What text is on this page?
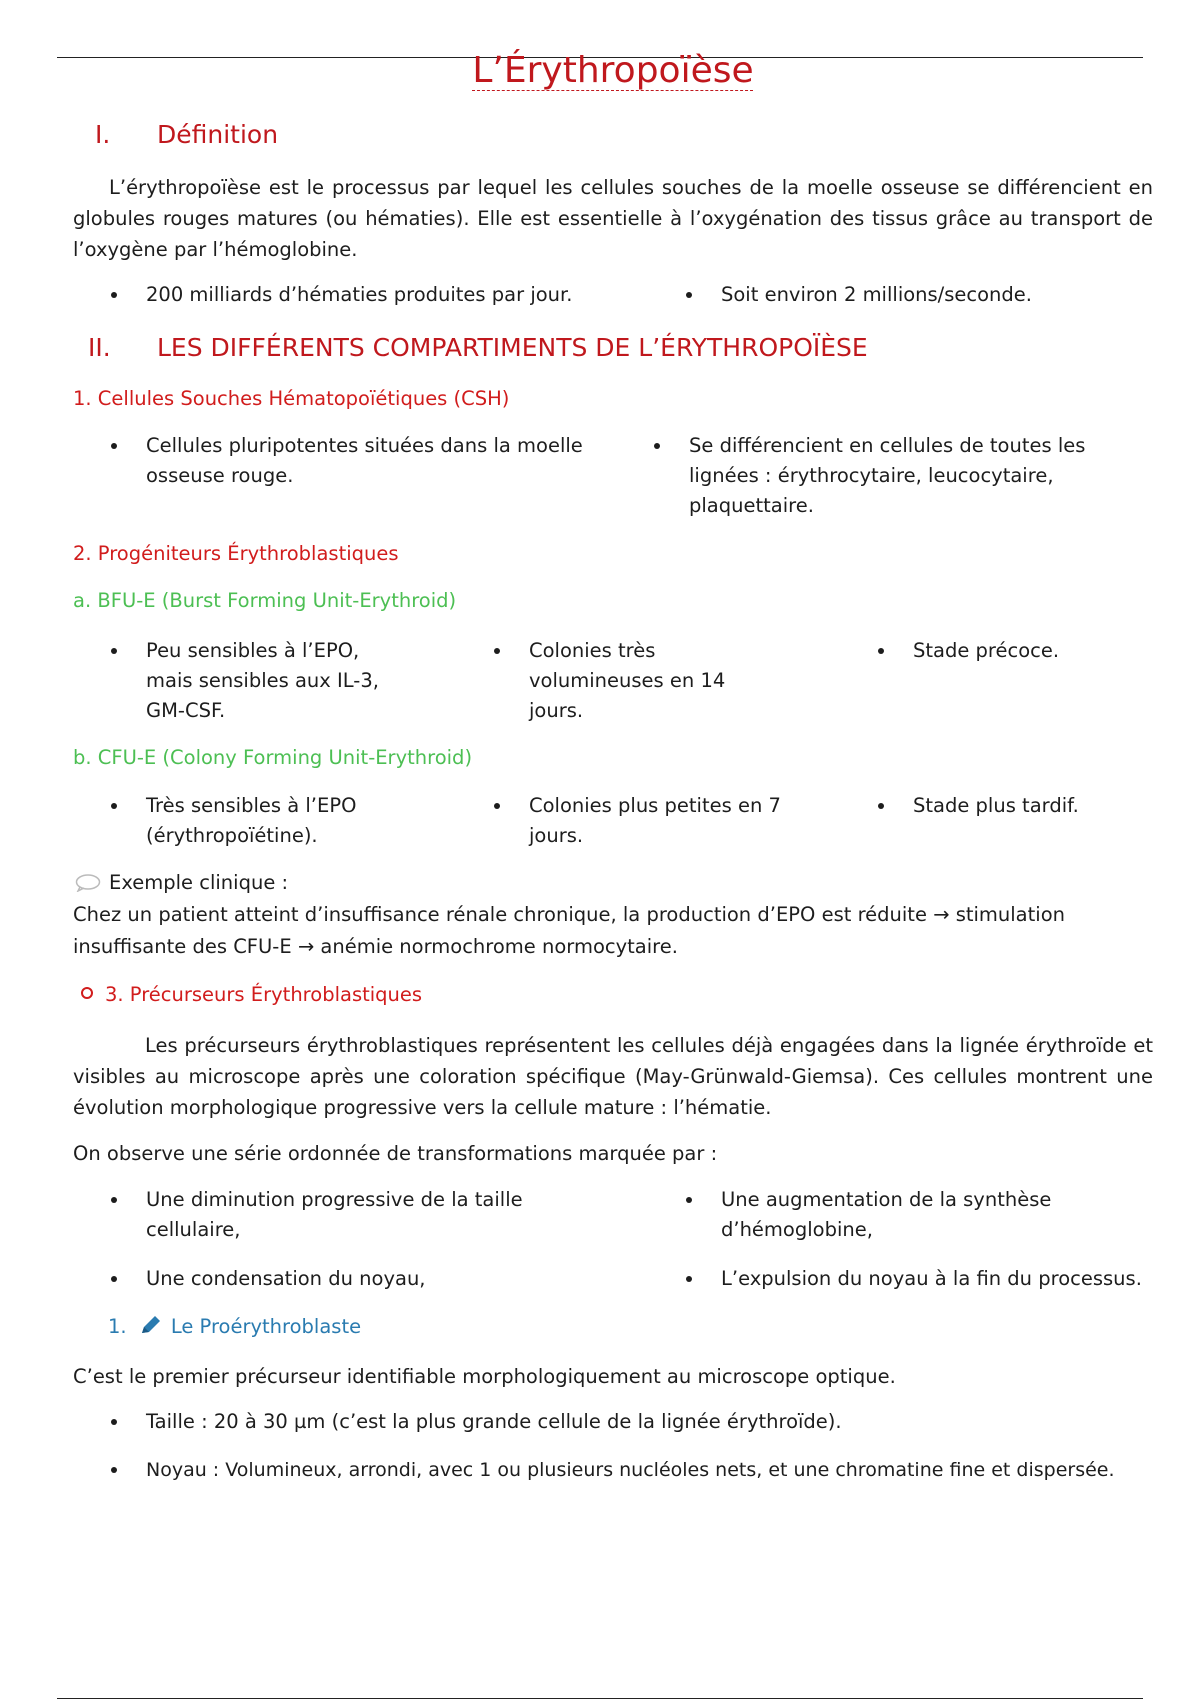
L’Érythropoïèse
I. Définition

L’érythropoïèse est le processus par lequel les cellules souches de la moelle osseuse se différencient en globules rouges matures (ou hématies). Elle est essentielle à l’oxygénation des tissus grâce au transport de l’oxygène par l’hémoglobine.

200 milliards d’hématies produites par jour.	Soit environ 2 millions/seconde.
II. LES DIFFÉRENTS COMPARTIMENTS DE L’ÉRYTHROPOÏÈSE
1. Cellules Souches Hématopoïétiques (CSH)
Cellules pluripotentes situées dans la moelle osseuse rouge.
Se différencient en cellules de toutes les lignées : érythrocytaire, leucocytaire, plaquettaire.
2. Progéniteurs Érythroblastiques
a. BFU-E (Burst Forming Unit-Erythroid)
Peu sensibles à l’EPO, mais sensibles aux IL-3, GM-CSF.
Colonies très volumineuses en 14 jours.
Stade précoce.
b. CFU-E (Colony Forming Unit-Erythroid)
Très sensibles à l’EPO (érythropoïétine).
Colonies plus petites en 7 jours.
Stade plus tardif.
Exemple clinique :

Chez un patient atteint d’insuffisance rénale chronique, la production d’EPO est réduite → stimulation insuffisante des CFU-E → anémie normochrome normocytaire.

3. Précurseurs Érythroblastiques

Les précurseurs érythroblastiques représentent les cellules déjà engagées dans la lignée érythroïde et visibles au microscope après une coloration spécifique (May-Grünwald-Giemsa). Ces cellules montrent une évolution morphologique progressive vers la cellule mature : l’hématie.

On observe une série ordonnée de transformations marquée par :

Une diminution progressive de la taille cellulaire,
Une augmentation de la synthèse d’hémoglobine,
Une condensation du noyau,	L’expulsion du noyau à la fin du processus.
1. Le Proérythroblaste

C’est le premier précurseur identifiable morphologiquement au microscope optique.

Taille : 20 à 30 µm (c’est la plus grande cellule de la lignée érythroïde).
Noyau : Volumineux, arrondi, avec 1 ou plusieurs nucléoles nets, et une chromatine fine et dispersée.
